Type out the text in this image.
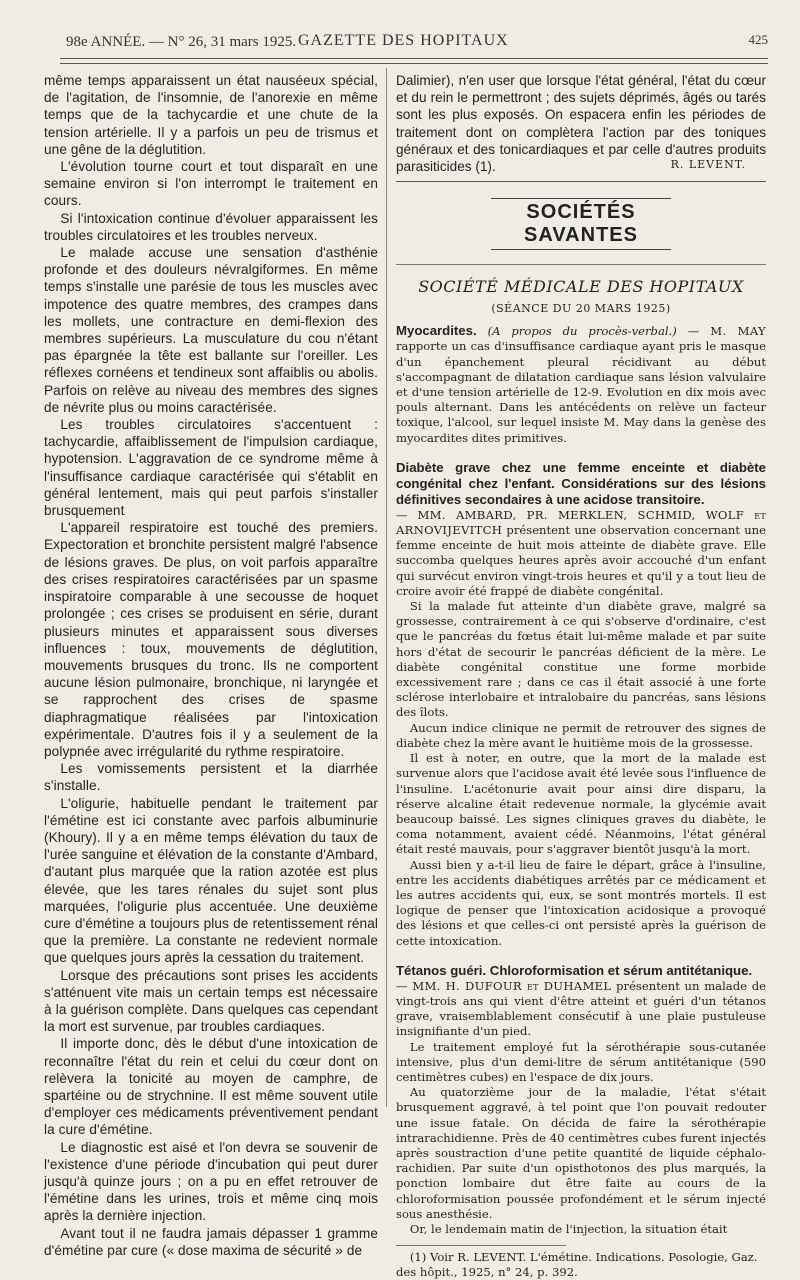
98e ANNÉE. — N° 26, 31 mars 1925. GAZETTE DES HOPITAUX	425

même temps apparaissent un état nauséeux spécial, de l'agitation, de l'insomnie, de l'anorexie en même temps que de la tachycardie et une chute de la tension artérielle. Il y a parfois un peu de trismus et une gêne de la déglutition.

L'évolution tourne court et tout disparaît en une semaine environ si l'on interrompt le traitement en cours.

Si l'intoxication continue d'évoluer apparaissent les troubles circulatoires et les troubles nerveux.

Le malade accuse une sensation d'asthénie profonde et des douleurs névralgiformes. En même temps s'installe une parésie de tous les muscles avec impotence des quatre membres, des crampes dans les mollets, une contracture en demi-flexion des membres supérieurs. La musculature du cou n'étant pas épargnée la tête est ballante sur l'oreiller. Les réflexes cornéens et tendineux sont affaiblis ou abolis. Parfois on relève au niveau des membres des signes de névrite plus ou moins caractérisée.

Les troubles circulatoires s'accentuent : tachycardie, affaiblissement de l'impulsion cardiaque, hypotension. L'aggravation de ce syndrome même à l'insuffisance cardiaque caractérisée qui s'établit en général lentement, mais qui peut parfois s'installer brusquement

L'appareil respiratoire est touché des premiers. Expectoration et bronchite persistent malgré l'absence de lésions graves. De plus, on voit parfois apparaître des crises respiratoires caractérisées par un spasme inspiratoire comparable à une secousse de hoquet prolongée ; ces crises se produisent en série, durant plusieurs minutes et apparaissent sous diverses influences : toux, mouvements de déglutition, mouvements brusques du tronc. Ils ne comportent aucune lésion pulmonaire, bronchique, ni laryngée et se rapprochent des crises de spasme diaphragmatique réalisées par l'intoxication expérimentale. D'autres fois il y a seulement de la polypnée avec irrégularité du rythme respiratoire.

Les vomissements persistent et la diarrhée s'installe.

L'oligurie, habituelle pendant le traitement par l'émétine est ici constante avec parfois albuminurie (Khoury). Il y a en même temps élévation du taux de l'urée sanguine et élévation de la constante d'Ambard, d'autant plus marquée que la ration azotée est plus élevée, que les tares rénales du sujet sont plus marquées, l'oligurie plus accentuée. Une deuxième cure d'émétine a toujours plus de retentissement rénal que la première. La constante ne redevient normale que quelques jours après la cessation du traitement.

Lorsque des précautions sont prises les accidents s'atténuent vite mais un certain temps est nécessaire à la guérison complète. Dans quelques cas cependant la mort est survenue, par troubles cardiaques.

Il importe donc, dès le début d'une intoxication de reconnaître l'état du rein et celui du cœur dont on relèvera la tonicité au moyen de camphre, de spartéine ou de strychnine. Il est même souvent utile d'employer ces médicaments préventivement pendant la cure d'émétine.

Le diagnostic est aisé et l'on devra se souvenir de l'existence d'une période d'incubation qui peut durer jusqu'à quinze jours ; on a pu en effet retrouver de l'émétine dans les urines, trois et même cinq mois après la dernière injection.

Avant tout il ne faudra jamais dépasser 1 gramme d'émétine par cure (« dose maxima de sécurité » de

Dalimier), n'en user que lorsque l'état général, l'état du cœur et du rein le permettront ; des sujets déprimés, âgés ou tarés sont les plus exposés. On espacera enfin les périodes de traitement dont on complètera l'action par des toniques généraux et des tonicardiaques et par celle d'autres produits parasiticides (1).	R. LEVENT.
SOCIÉTÉS SAVANTES
SOCIÉTÉ MÉDICALE DES HOPITAUX
(SÉANCE DU 20 MARS 1925)

Myocardites. (A propos du procès-verbal.) — M. MAY rapporte un cas d'insuffisance cardiaque ayant pris le masque d'un épanchement pleural récidivant au début s'accompagnant de dilatation cardiaque sans lésion valvulaire et d'une tension artérielle de 12-9. Evolution en dix mois avec pouls alternant. Dans les antécédents on relève un facteur toxique, l'alcool, sur lequel insiste M. May dans la genèse des myocardites dites primitives.

Diabète grave chez une femme enceinte et diabète congénital chez l'enfant. Considérations sur des lésions définitives secondaires à une acidose transitoire.
— MM. AMBARD, PR. MERKLEN, SCHMID, WOLF et ARNOVIJEVITCH présentent une observation concernant une femme enceinte de huit mois atteinte de diabète grave. Elle succomba quelques heures après avoir accouché d'un enfant qui survécut environ vingt-trois heures et qu'il y a tout lieu de croire avoir été frappé de diabète congénital.

Si la malade fut atteinte d'un diabète grave, malgré sa grossesse, contrairement à ce qui s'observe d'ordinaire, c'est que le pancréas du fœtus était lui-même malade et par suite hors d'état de secourir le pancréas déficient de la mère. Le diabète congénital constitue une forme morbide excessivement rare ; dans ce cas il était associé à une forte sclérose interlobaire et intralobaire du pancréas, sans lésions des îlots.

Aucun indice clinique ne permit de retrouver des signes de diabète chez la mère avant le huitième mois de la grossesse.

Il est à noter, en outre, que la mort de la malade est survenue alors que l'acidose avait été levée sous l'influence de l'insuline. L'acétonurie avait pour ainsi dire disparu, la réserve alcaline était redevenue normale, la glycémie avait beaucoup baissé. Les signes cliniques graves du diabète, le coma notamment, avaient cédé. Néanmoins, l'état général était resté mauvais, pour s'aggraver bientôt jusqu'à la mort.

Aussi bien y a-t-il lieu de faire le départ, grâce à l'insuline, entre les accidents diabétiques arrêtés par ce médicament et les autres accidents qui, eux, se sont montrés mortels. Il est logique de penser que l'intoxication acidosique a provoqué des lésions et que celles-ci ont persisté après la guérison de cette intoxication.

Tétanos guéri. Chloroformisation et sérum antitétanique.
— MM. H. DUFOUR et DUHAMEL présentent un malade de vingt-trois ans qui vient d'être atteint et guéri d'un tétanos grave, vraisemblablement consécutif à une plaie pustuleuse insignifiante d'un pied.

Le traitement employé fut la sérothérapie sous-cutanée intensive, plus d'un demi-litre de sérum antitétanique (590 centimètres cubes) en l'espace de dix jours.

Au quatorzième jour de la maladie, l'état s'était brusquement aggravé, à tel point que l'on pouvait redouter une issue fatale. On décida de faire la sérothérapie intrarachidienne. Près de 40 centimètres cubes furent injectés après soustraction d'une petite quantité de liquide céphalo-rachidien. Par suite d'un opisthotonos des plus marqués, la ponction lombaire dut être faite au cours de la chloroformisation poussée profondément et le sérum injecté sous anesthésie.

Or, le lendemain matin de l'injection, la situation était

(1) Voir R. LEVENT. L'émétine. Indications. Posologie, Gaz. des hôpit., 1925, n° 24, p. 392.
